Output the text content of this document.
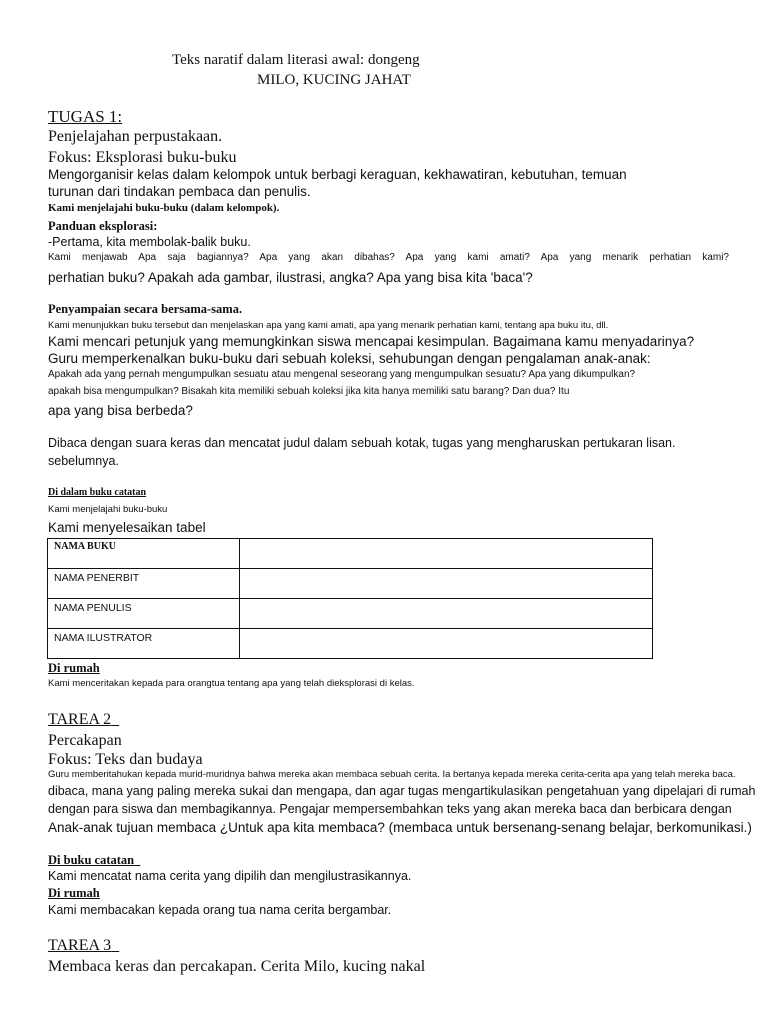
Teks naratif dalam literasi awal: dongeng
MILO, KUCING JAHAT
TUGAS 1:
Penjelajahan perpustakaan.
Fokus: Eksplorasi buku-buku
Mengorganisir kelas dalam kelompok untuk berbagi keraguan, kekhawatiran, kebutuhan, temuan
turunan dari tindakan pembaca dan penulis.
Kami menjelajahi buku-buku (dalam kelompok).
Panduan eksplorasi:
-Pertama, kita membolak-balik buku.
Kami menjawab Apa saja bagiannya? Apa yang akan dibahas? Apa yang kami amati? Apa yang menarik perhatian kami?
perhatian buku? Apakah ada gambar, ilustrasi, angka? Apa yang bisa kita 'baca'?
Penyampaian secara bersama-sama.
Kami menunjukkan buku tersebut dan menjelaskan apa yang kami amati, apa yang menarik perhatian kami, tentang apa buku itu, dll.
Kami mencari petunjuk yang memungkinkan siswa mencapai kesimpulan. Bagaimana kamu menyadarinya?
Guru memperkenalkan buku-buku dari sebuah koleksi, sehubungan dengan pengalaman anak-anak:
Apakah ada yang pernah mengumpulkan sesuatu atau mengenal seseorang yang mengumpulkan sesuatu? Apa yang dikumpulkan?
apakah bisa mengumpulkan? Bisakah kita memiliki sebuah koleksi jika kita hanya memiliki satu barang? Dan dua? Itu
apa yang bisa berbeda?
Dibaca dengan suara keras dan mencatat judul dalam sebuah kotak, tugas yang mengharuskan pertukaran lisan.
sebelumnya.
Di dalam buku catatan
Kami menjelajahi buku-buku
Kami menyelesaikan tabel
NAMA BUKU	

NAMA PENERBIT	

NAMA PENULIS	

NAMA ILUSTRATOR	

Di rumah
Kami menceritakan kepada para orangtua tentang apa yang telah dieksplorasi di kelas.
TAREA 2
Percakapan
Fokus: Teks dan budaya
Guru memberitahukan kepada murid-muridnya bahwa mereka akan membaca sebuah cerita. Ia bertanya kepada mereka cerita-cerita apa yang telah mereka baca.
dibaca, mana yang paling mereka sukai dan mengapa, dan agar tugas mengartikulasikan pengetahuan yang dipelajari di rumah
dengan para siswa dan membagikannya. Pengajar mempersembahkan teks yang akan mereka baca dan berbicara dengan
Anak-anak tujuan membaca ¿Untuk apa kita membaca? (membaca untuk bersenang-senang belajar, berkomunikasi.)
Di buku catatan
Kami mencatat nama cerita yang dipilih dan mengilustrasikannya.
Di rumah
Kami membacakan kepada orang tua nama cerita bergambar.
TAREA 3
Membaca keras dan percakapan. Cerita Milo, kucing nakal
